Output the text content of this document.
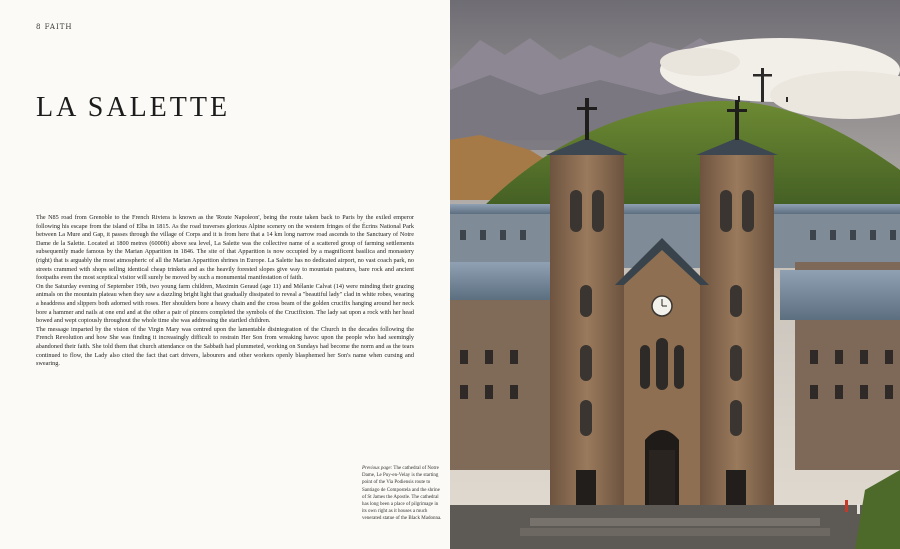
8 FAITH
LA SALETTE

The N85 road from Grenoble to the French Riviera is known as the 'Route Napoleon', being the route taken back to Paris by the exiled emperor following his escape from the island of Elba in 1815. As the road traverses glorious Alpine scenery on the western fringes of the Écrins National Park between La Mure and Gap, it passes through the village of Corps and it is from here that a 14 km long narrow road ascends to the Sanctuary of Notre Dame de la Salette. Located at 1800 metres (6000ft) above sea level, La Salette was the collective name of a scattered group of farming settlements subsequently made famous by the Marian Apparition in 1846. The site of that Apparition is now occupied by a magnificent basilica and monastery (right) that is arguably the most atmospheric of all the Marian Apparition shrines in Europe. La Salette has no dedicated airport, no vast coach park, no streets crammed with shops selling identical cheap trinkets and as the heavily forested slopes give way to mountain pastures, bare rock and ancient footpaths even the most sceptical visitor will surely be moved by such a monumental manifestation of faith.

On the Saturday evening of September 19th, two young farm children, Maximin Geraud (age 11) and Mélanie Calvat (14) were minding their grazing animals on the mountain plateau when they saw a dazzling bright light that gradually dissipated to reveal a "beautiful lady" clad in white robes, wearing a headdress and slippers both adorned with roses. Her shoulders bore a heavy chain and the cross beam of the golden crucifix hanging around her neck bore a hammer and nails at one end and at the other a pair of pincers completed the symbols of the Crucifixion. The lady sat upon a rock with her head bowed and wept copiously throughout the whole time she was addressing the startled children.

The message imparted by the vision of the Virgin Mary was centred upon the lamentable disintegration of the Church in the decades following the French Revolution and how She was finding it increasingly difficult to restrain Her Son from wreaking havoc upon the people who had seemingly abandoned their faith. She told them that church attendance on the Sabbath had plummeted, working on Sundays had become the norm and as the tears continued to flow, the Lady also cited the fact that cart drivers, labourers and other workers openly blasphemed her Son's name when cursing and swearing.

Previous page: The cathedral of Notre Dame, Le Puy-en-Velay is the starting point of the Via Podiensis route to Santiago de Compostela and the shrine of St James the Apostle. The cathedral has long been a place of pilgrimage in its own right as it houses a much venerated statue of the Black Madonna.
